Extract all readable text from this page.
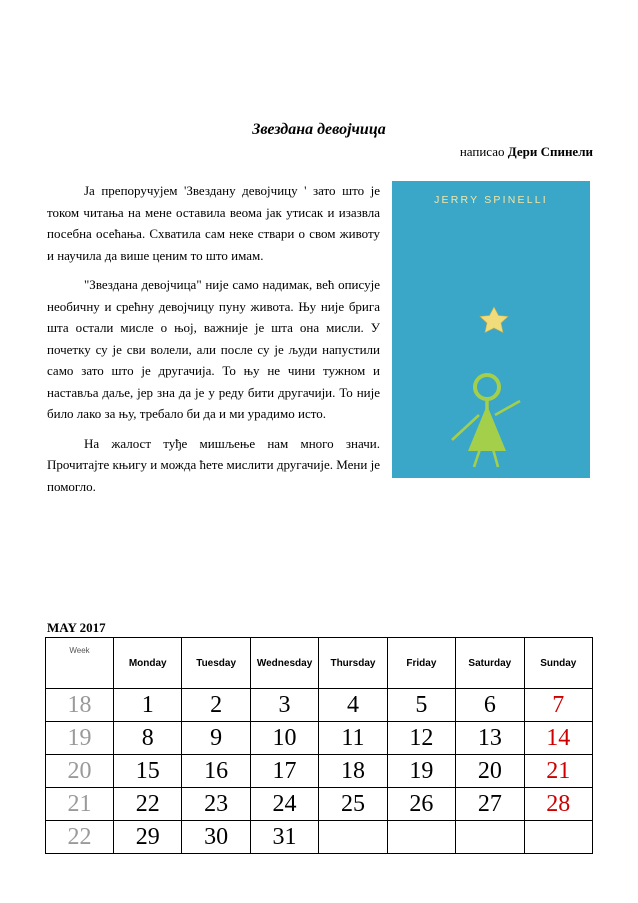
Звездана девојчица
написао Дери Спинели

Ја препоручујем 'Звездану девојчицу ' зато што је током читања на мене оставила веома јак утисак и изазвла посебна осећања. Схватила сам неке ствари о свом животу и научила да више ценим то што имам.

"Звездана девојчица" није само надимак, већ описује необичну и срећну девојчицу пуну живота. Њу није брига шта остали мисле о њој, важније је шта она мисли. У почетку су је сви волели, али после су је људи напустили само зато што је другачија. То њу не чини тужном и наставља даље, јер зна да је у реду бити другачији. То није било лако за њу, требало би да и ми урадимо исто.

На жалост туђе мишљење нам много значи. Прочитајте књигу и можда ћете мислити другачије. Мени је помогло.

JERRY SPINELLI
MAY 2017
Week	Monday	Tuesday	Wednesday	Thursday	Friday	Saturday	Sunday
18	1	2	3	4	5	6	7
19	8	9	10	11	12	13	14
20	15	16	17	18	19	20	21
21	22	23	24	25	26	27	28
22	29	30	31				
